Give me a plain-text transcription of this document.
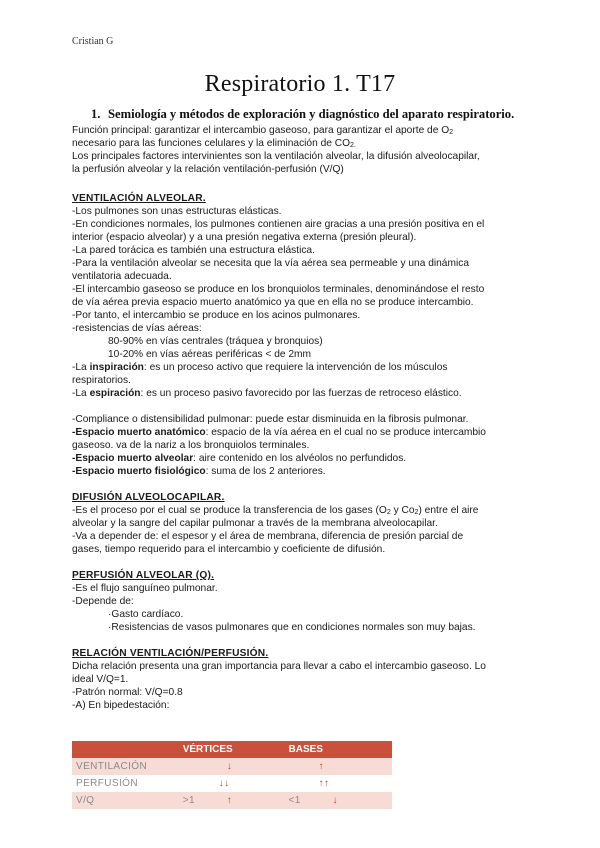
Cristian G
Respiratorio 1. T17
1. Semiología y métodos de exploración y diagnóstico del aparato respiratorio.

Función principal: garantizar el intercambio gaseoso, para garantizar el aporte de $O_2$

necesario para las funciones celulares y la eliminación de $CO_{2.}$

Los principales factores intervinientes son la ventilación alveolar, la difusión alveolocapilar,

la perfusión alveolar y la relación ventilación-perfusión (V/Q)

VENTILACIÓN ALVEOLAR.

-Los pulmones son unas estructuras elásticas.

-En condiciones normales, los pulmones contienen aire gracias a una presión positiva en el

interior (espacio alveolar) y a una presión negativa externa (presión pleural).

-La pared torácica es también una estructura elástica.

-Para la ventilación alveolar se necesita que la vía aérea sea permeable y una dinámica

ventilatoria adecuada.

-El intercambio gaseoso se produce en los bronquiolos terminales, denominándose el resto

de vía aérea previa espacio muerto anatómico ya que en ella no se produce intercambio.

-Por tanto, el intercambio se produce en los acinos pulmonares.

-resistencias de vías aéreas:

80-90% en vías centrales (tráquea y bronquios)

10-20% en vías aéreas periféricas < de 2mm

-La inspiración: es un proceso activo que requiere la intervención de los músculos

respiratorios.

-La espiración: es un proceso pasivo favorecido por las fuerzas de retroceso elástico.

-Compliance o distensibilidad pulmonar: puede estar disminuida en la fibrosis pulmonar.

-Espacio muerto anatómico: espacio de la vía aérea en el cual no se produce intercambio

gaseoso. va de la nariz a los bronquiolos terminales.

-Espacio muerto alveolar: aire contenido en los alvéolos no perfundidos.

-Espacio muerto fisiológico: suma de los 2 anteriores.

DIFUSIÓN ALVEOLOCAPILAR.

-Es el proceso por el cual se produce la transferencia de los gases ($O_2$ y $Co_2$) entre el aire

alveolar y la sangre del capilar pulmonar a través de la membrana alveolocapilar.

-Va a depender de: el espesor y el área de membrana, diferencia de presión parcial de

gases, tiempo requerido para el intercambio y coeficiente de difusión.

PERFUSIÓN ALVEOLAR (Q).

-Es el flujo sanguíneo pulmonar.

-Depende de:

·Gasto cardíaco.

·Resistencias de vasos pulmonares que en condiciones normales son muy bajas.

RELACIÓN VENTILACIÓN/PERFUSIÓN.

Dicha relación presenta una gran importancia para llevar a cabo el intercambio gaseoso. Lo

ideal V/Q=1.

-Patrón normal: V/Q=0.8

-A) En bipedestación:

	VÉRTICES	BASES
VENTILACIÓN	↓	↑
PERFUSIÓN	↓↓	↑↑
V/Q	>1 ↑	<1 ↓
